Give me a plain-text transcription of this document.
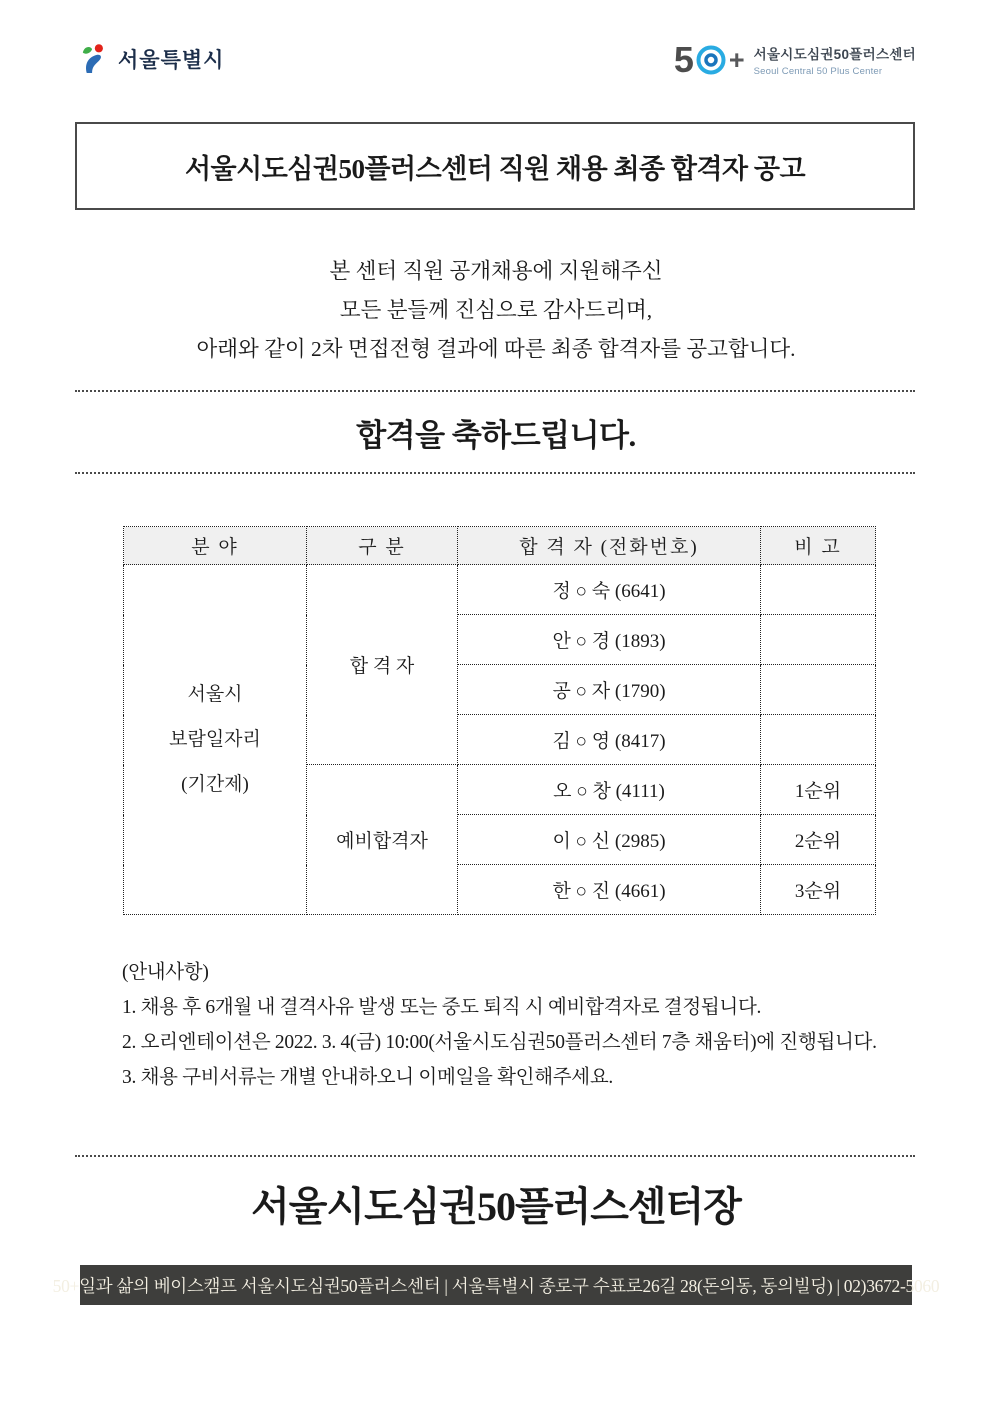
서울특별시	5 + 서울시도심권50플러스센터
Seoul Central 50 Plus Center
서울시도심권50플러스센터 직원 채용 최종 합격자 공고
본 센터 직원 공개채용에 지원해주신
모든 분들께 진심으로 감사드리며,
아래와 같이 2차 면접전형 결과에 따른 최종 합격자를 공고합니다.
합격을 축하드립니다.
분 야	구 분	합 격 자 (전화번호)	비 고

서울시
보람일자리
(기간제)	합 격 자	정 ○ 숙 (6641)	
		안 ○ 경 (1893)	
		공 ○ 자 (1790)	
		김 ○ 영 (8417)	
	예비합격자	오 ○ 창 (4111)	1순위
		이 ○ 신 (2985)	2순위
		한 ○ 진 (4661)	3순위

(안내사항)

1. 채용 후 6개월 내 결격사유 발생 또는 중도 퇴직 시 예비합격자로 결정됩니다.

2. 오리엔테이션은 2022. 3. 4(금) 10:00(서울시도심권50플러스센터 7층 채움터)에 진행됩니다.

3. 채용 구비서류는 개별 안내하오니 이메일을 확인해주세요.

서울시도심권50플러스센터장
50+일과 삶의 베이스캠프 서울시도심권50플러스센터 | 서울특별시 종로구 수표로26길 28(돈의동, 동의빌딩) | 02)3672-5060
